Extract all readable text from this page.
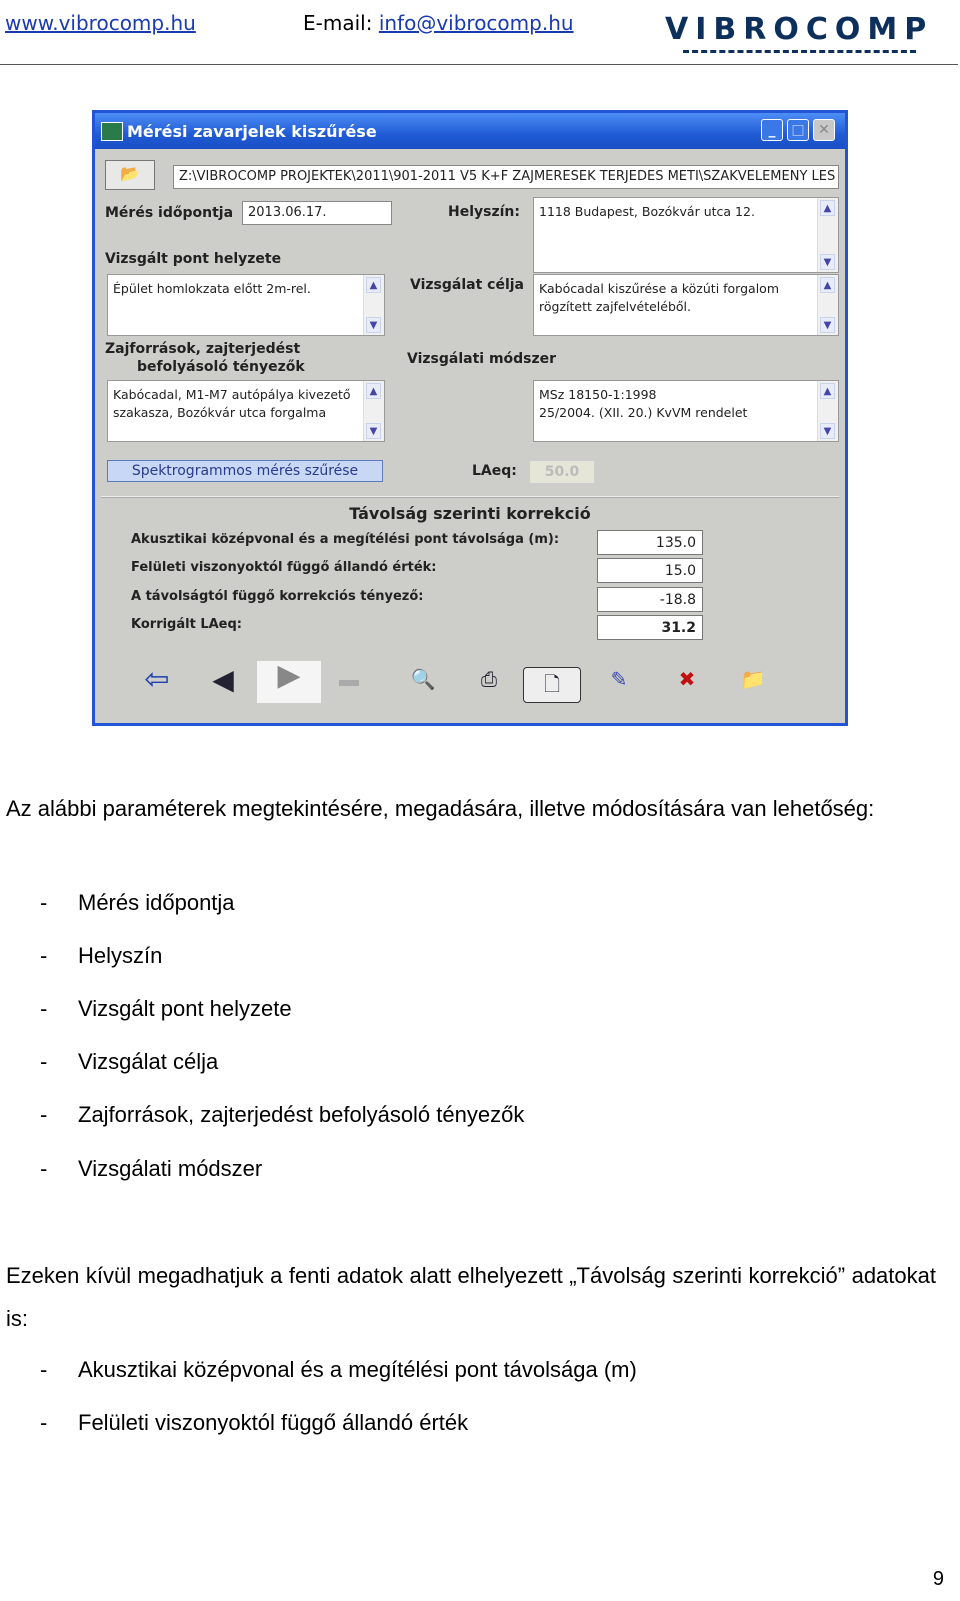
www.vibrocomp.hu	E-mail: info@vibrocomp.hu	VIBROCOMP
Mérési zavarjelek kiszűrése	_	□ ✕
📂	Z:\VIBROCOMP PROJEKTEK\2011\901-2011 V5 K+F ZAJMERESEK TERJEDES METI\SZAKVELEMENY LES
Mérés időpontja	2013.06.17.	Helyszín: 1118 Budapest, Bozókvár utca 12.	▲
▼
Vizsgált pont helyzete
Épület homlokzata előtt 2m-rel.	▲
▼
Vizsgálat célja Kabócadal kiszűrése a közúti forgalom
rögzített zajfelvételéből.
▲
▼
Zajforrások, zajterjedést
befolyásoló tényezők
Kabócadal, M1-M7 autópálya kivezető
szakasza, Bozókvár utca forgalma
▲
▼
Vizsgálati módszer
MSz 18150-1:1998
25/2004. (XII. 20.) KvVM rendelet
▲
▼
Spektrogrammos mérés szűrése	LAeq:	50.0
Távolság szerinti korrekció
Akusztikai középvonal és a megítélési pont távolsága (m):	135.0
Felületi viszonyoktól függő állandó érték:	15.0
A távolságtól függő korrekciós tényező:	-18.8
Korrigált LAeq:	31.2
⇦ ◀	▶	▬	🔍	⎙	🗋	✎	✖	📁
Az alábbi paraméterek megtekintésére, megadására, illetve módosítására van lehetőség:
- Mérés időpontja
- Helyszín
- Vizsgált pont helyzete
- Vizsgálat célja
- Zajforrások, zajterjedést befolyásoló tényezők
- Vizsgálati módszer
Ezeken kívül megadhatjuk a fenti adatok alatt elhelyezett „Távolság szerinti korrekció” adatokat is:
- Akusztikai középvonal és a megítélési pont távolsága (m)
- Felületi viszonyoktól függő állandó érték
9
